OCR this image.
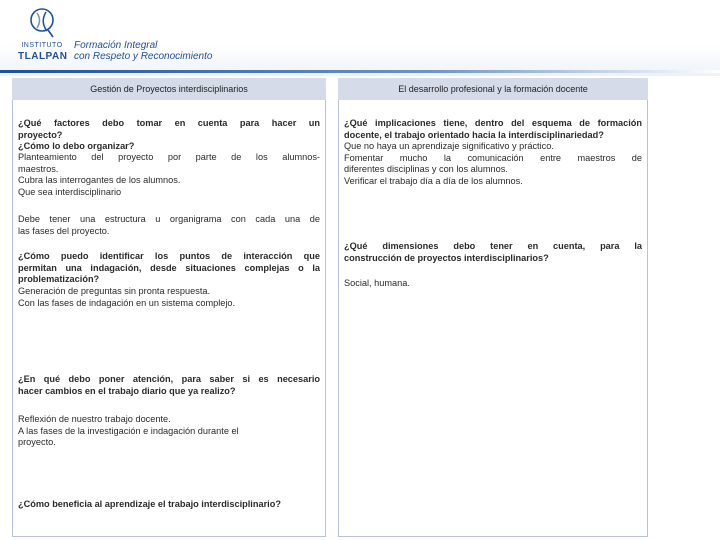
INSTITUTO
TLALPAN
Formación Integral
con Respeto y Reconocimiento
Gestión de Proyectos interdisciplinarios
¿Qué factores debo tomar en cuenta para hacer un
proyecto?
¿Cómo lo debo organizar?
Planteamiento del proyecto por parte de los alumnos-
maestros.
Cubra las interrogantes de los alumnos.
Que sea interdisciplinario
Debe tener una estructura u organigrama con cada una de
las fases del proyecto.
¿Cómo puedo identificar los puntos de interacción que
permitan una indagación, desde situaciones complejas o la
problematización?
Generación de preguntas sin pronta respuesta.
Con las fases de indagación en un sistema complejo.
¿En qué debo poner atención, para saber si es necesario
hacer cambios en el trabajo diario que ya realizo?
Reflexión de nuestro trabajo docente.
A las fases de la investigación e indagación durante el
proyecto.
¿Cómo beneficia al aprendizaje el trabajo interdisciplinario?
El desarrollo profesional y la formación docente
¿Qué implicaciones tiene, dentro del esquema de formación
docente, el trabajo orientado hacia la interdisciplinariedad?
Que no haya un aprendizaje significativo y práctico.
Fomentar mucho la comunicación entre maestros de
diferentes disciplinas y con los alumnos.
Verificar el trabajo día a día de los alumnos.
¿Qué dimensiones debo tener en cuenta, para la
construcción de proyectos interdisciplinarios?
Social, humana.
